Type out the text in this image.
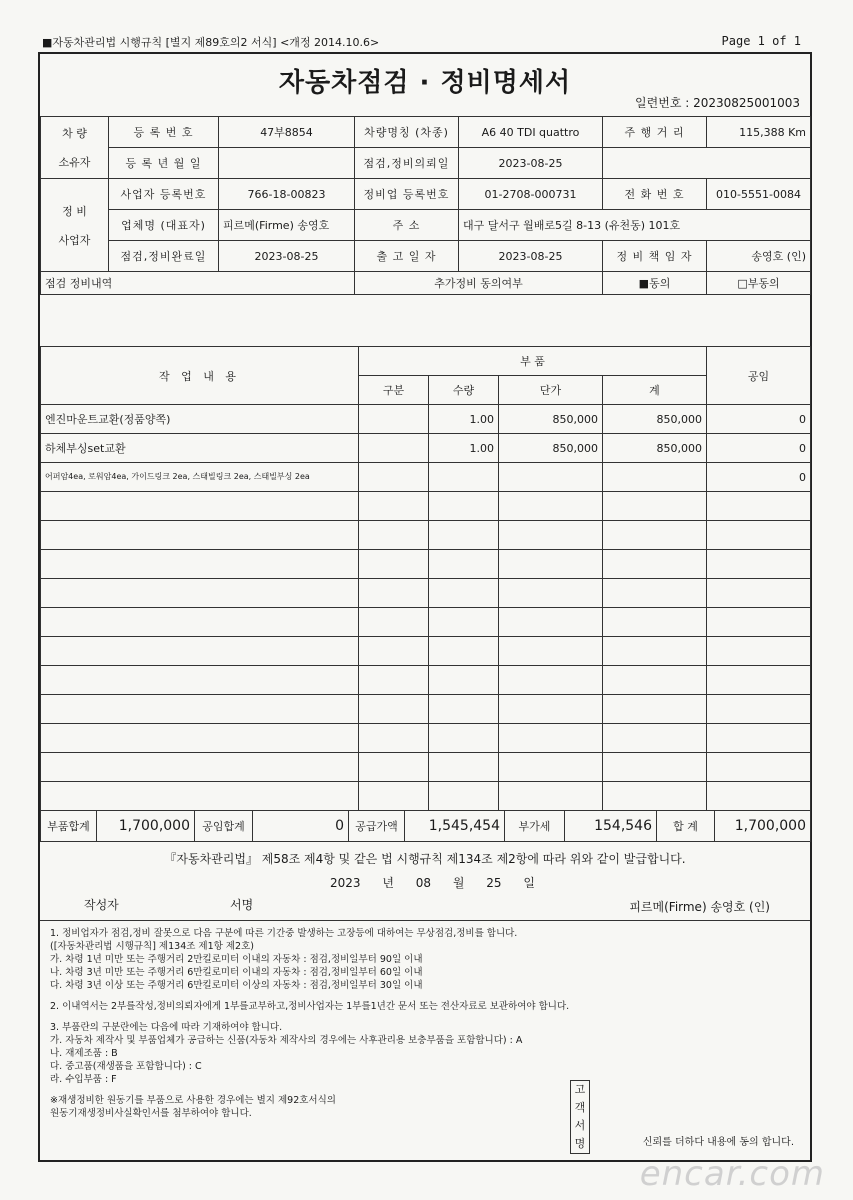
■자동차관리법 시행규칙 [별지 제89호의2 서식] <개정 2014.10.6>	Page 1 of 1
자동차점검 · 정비명세서
일련번호 : 20230825001003
차 량

소유자	등 록 번 호	47부8854	차량명칭 (차종)	A6 40 TDI quattro	주 행 거 리	115,388 Km
	등 록 년 월 일		점검,정비의뢰일	2023-08-25		
정 비

사업자	사업자 등록번호	766-18-00823	정비업 등록번호	01-2708-000731	전 화 번 호	010-5551-0084
	업체명 (대표자)	피르메(Firme) 송영호	주 소	대구 달서구 월배로5길 8-13 (유천동) 101호		
	점검,정비완료일	2023-08-25	출 고 일 자	2023-08-25	정 비 책 임 자	송영호 (인)
점검 정비내역			추가정비 동의여부		■동의	□부동의
작 업 내 용	부 품				공임
	구분	수량	단가	계	
엔진마운트교환(정품양쪽)		1.00	850,000	850,000	0
하체부싱set교환		1.00	850,000	850,000	0
어퍼암4ea, 로워암4ea, 가이드링크 2ea, 스태빌링크 2ea, 스태빌부싱 2ea					0

부품합계	1,700,000	공임합계	0	공급가액	1,545,454	부가세	154,546	합 계	1,700,000
『자동차관리법』 제58조 제4항 및 같은 법 시행규칙 제134조 제2항에 따라 위와 같이 발급합니다.
2023 년 08 월 25 일
작성자	서명	피르메(Firme) 송영호 (인)
1. 정비업자가 점검,정비 잘못으로 다음 구분에 따른 기간중 발생하는 고장등에 대하여는 무상점검,정비를 합니다.
([자동차관리법 시행규칙] 제134조 제1항 제2호)
가. 차령 1년 미만 또는 주행거리 2만킬로미터 이내의 자동차 : 점검,정비일부터 90일 이내
나. 차령 3년 미만 또는 주행거리 6만킬로미터 이내의 자동차 : 점검,정비일부터 60일 이내
다. 차령 3년 이상 또는 주행거리 6만킬로미터 이상의 자동차 : 점검,정비일부터 30일 이내
2. 이내역서는 2부를작성,정비의뢰자에게 1부를교부하고,정비사업자는 1부를1년간 문서 또는 전산자료로 보관하여야 합니다.
3. 부품란의 구분란에는 다음에 따라 기재하여야 합니다.
가. 자동차 제작사 및 부품업체가 공급하는 신품(자동차 제작사의 경우에는 사후관리용 보충부품을 포함합니다) : A
나. 재제조품 : B
다. 중고품(재생품을 포함합니다) : C
라. 수입부품 : F
※재생정비한 원동기를 부품으로 사용한 경우에는 별지 제92호서식의
원동기재생정비사실확인서를 첨부하여야 합니다.
고객서명	신뢰를 더하다 내용에 동의 합니다.
encar.com
